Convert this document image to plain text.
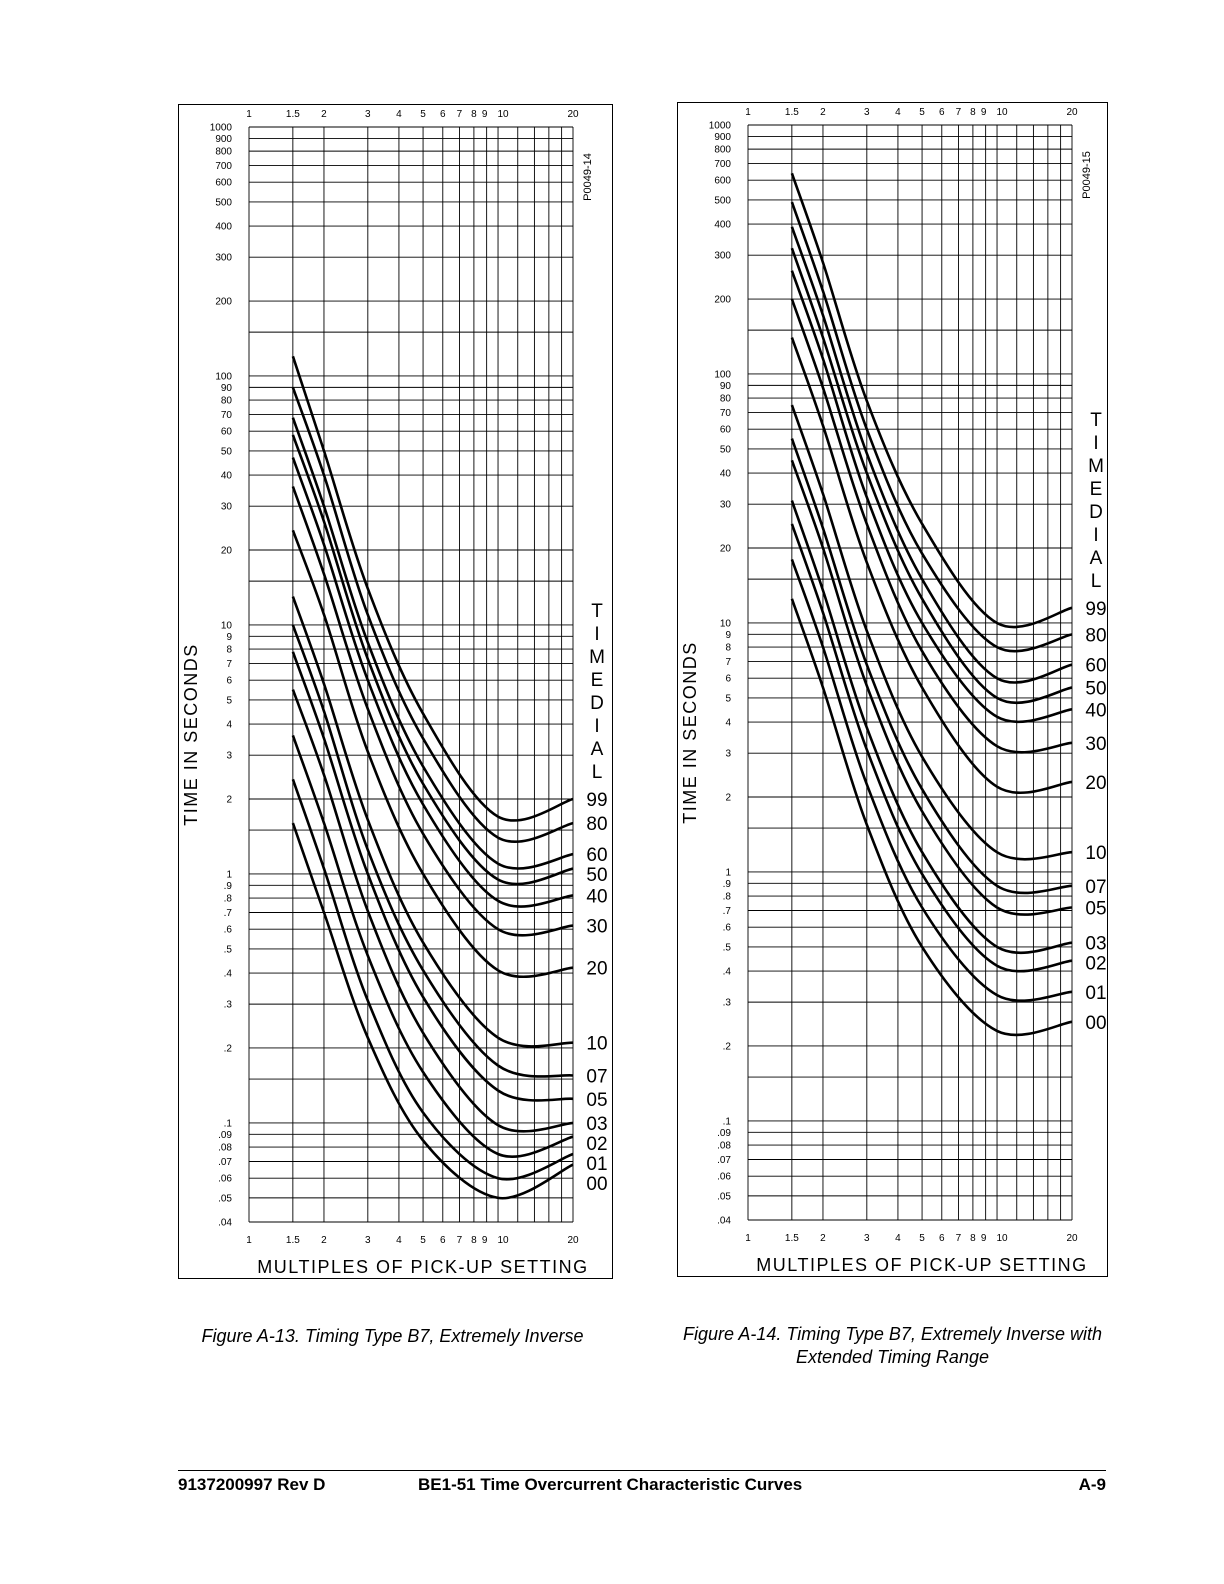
1000
900
800
700
600
500
400
300
200
100
90
80
70
60
50
40
30
20
10
9
8
7
6
5
4
3
2
1
.9
.8
.7
.6
.5
.4
.3
.2
.1
.09
.08
.07
.06
.05
.04
1
1
1.5
1.5
2
2
3
3
4
4
5
5
6
6
7
7
8
8
20
20
9
9
10
10
MULTIPLES OF PICK-UP SETTING
TIME IN SECONDS
P0049-14
99
80
60
50
40
30
20
10
07
05
03
02
01
00
T
I
M
E
D
I
A
L
1000
900
800
700
600
500
400
300
200
100
90
80
70
60
50
40
30
20
10
9
8
7
6
5
4
3
2
1
.9
.8
.7
.6
.5
.4
.3
.2
.1
.09
.08
.07
.06
.05
.04
1
1
1.5
1.5
2
2
3
3
4
4
5
5
6
6
7
7
8
8
20
20
9
9
10
10
MULTIPLES OF PICK-UP SETTING
TIME IN SECONDS
P0049-15
99
80
60
50
40
30
20
10
07
05
03
02
01
00
T
I
M
E
D
I
A
L
Figure A-13. Timing Type B7, Extremely Inverse	Figure A-14. Timing Type B7, Extremely Inverse with Extended Timing Range
9137200997 Rev D	BE1-51 Time Overcurrent Characteristic Curves	A-9
